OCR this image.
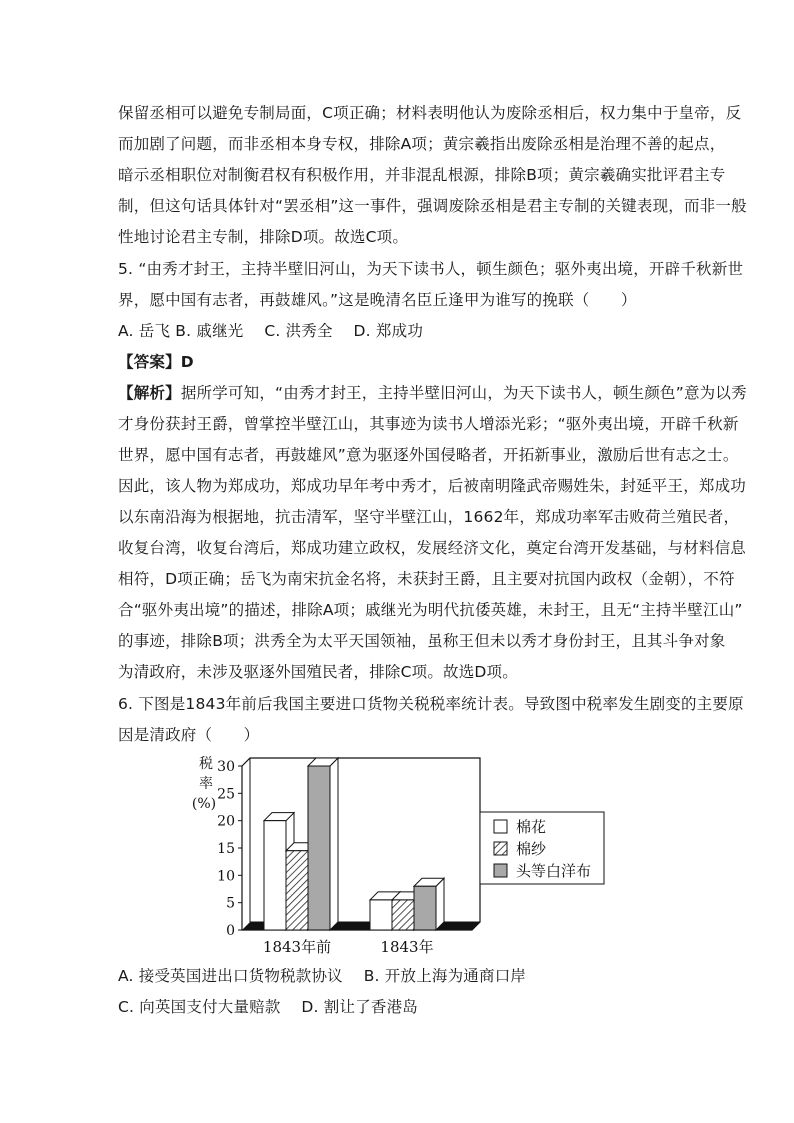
保留丞相可以避免专制局面，C项正确；材料表明他认为废除丞相后，权力集中于皇帝，反
而加剧了问题，而非丞相本身专权，排除A项；黄宗羲指出废除丞相是治理不善的起点，
暗示丞相职位对制衡君权有积极作用，并非混乱根源，排除B项；黄宗羲确实批评君主专
制，但这句话具体针对“罢丞相”这一事件，强调废除丞相是君主专制的关键表现，而非一般
性地讨论君主专制，排除D项。故选C项。
5. “由秀才封王，主持半壁旧河山，为天下读书人，顿生颜色；驱外夷出境，开辟千秋新世
界，愿中国有志者，再鼓雄风。”这是晚清名臣丘逢甲为谁写的挽联（　　）
A. 岳飞 B. 戚继光　 C. 洪秀全　 D. 郑成功
【答案】D
【解析】据所学可知，“由秀才封王，主持半壁旧河山，为天下读书人，顿生颜色”意为以秀
才身份获封王爵，曾掌控半壁江山，其事迹为读书人增添光彩；“驱外夷出境，开辟千秋新
世界，愿中国有志者，再鼓雄风”意为驱逐外国侵略者，开拓新事业，激励后世有志之士。
因此，该人物为郑成功，郑成功早年考中秀才，后被南明隆武帝赐姓朱，封延平王，郑成功
以东南沿海为根据地，抗击清军，坚守半壁江山，1662年，郑成功率军击败荷兰殖民者，
收复台湾，收复台湾后，郑成功建立政权，发展经济文化，奠定台湾开发基础，与材料信息
相符，D项正确；岳飞为南宋抗金名将，未获封王爵，且主要对抗国内政权（金朝），不符
合“驱外夷出境”的描述，排除A项；戚继光为明代抗倭英雄，未封王，且无“主持半壁江山”
的事迹，排除B项；洪秀全为太平天国领袖，虽称王但未以秀才身份封王，且其斗争对象
为清政府，未涉及驱逐外国殖民者，排除C项。故选D项。
6. 下图是1843年前后我国主要进口货物关税税率统计表。导致图中税率发生剧变的主要原
因是清政府（　　）
0
5
10
15
20
25
30
税
率
(%)
1843年前	1843年
棉花
棉纱
头等白洋布
A. 接受英国进出口货物税款协议　 B. 开放上海为通商口岸
C. 向英国支付大量赔款　 D. 割让了香港岛
